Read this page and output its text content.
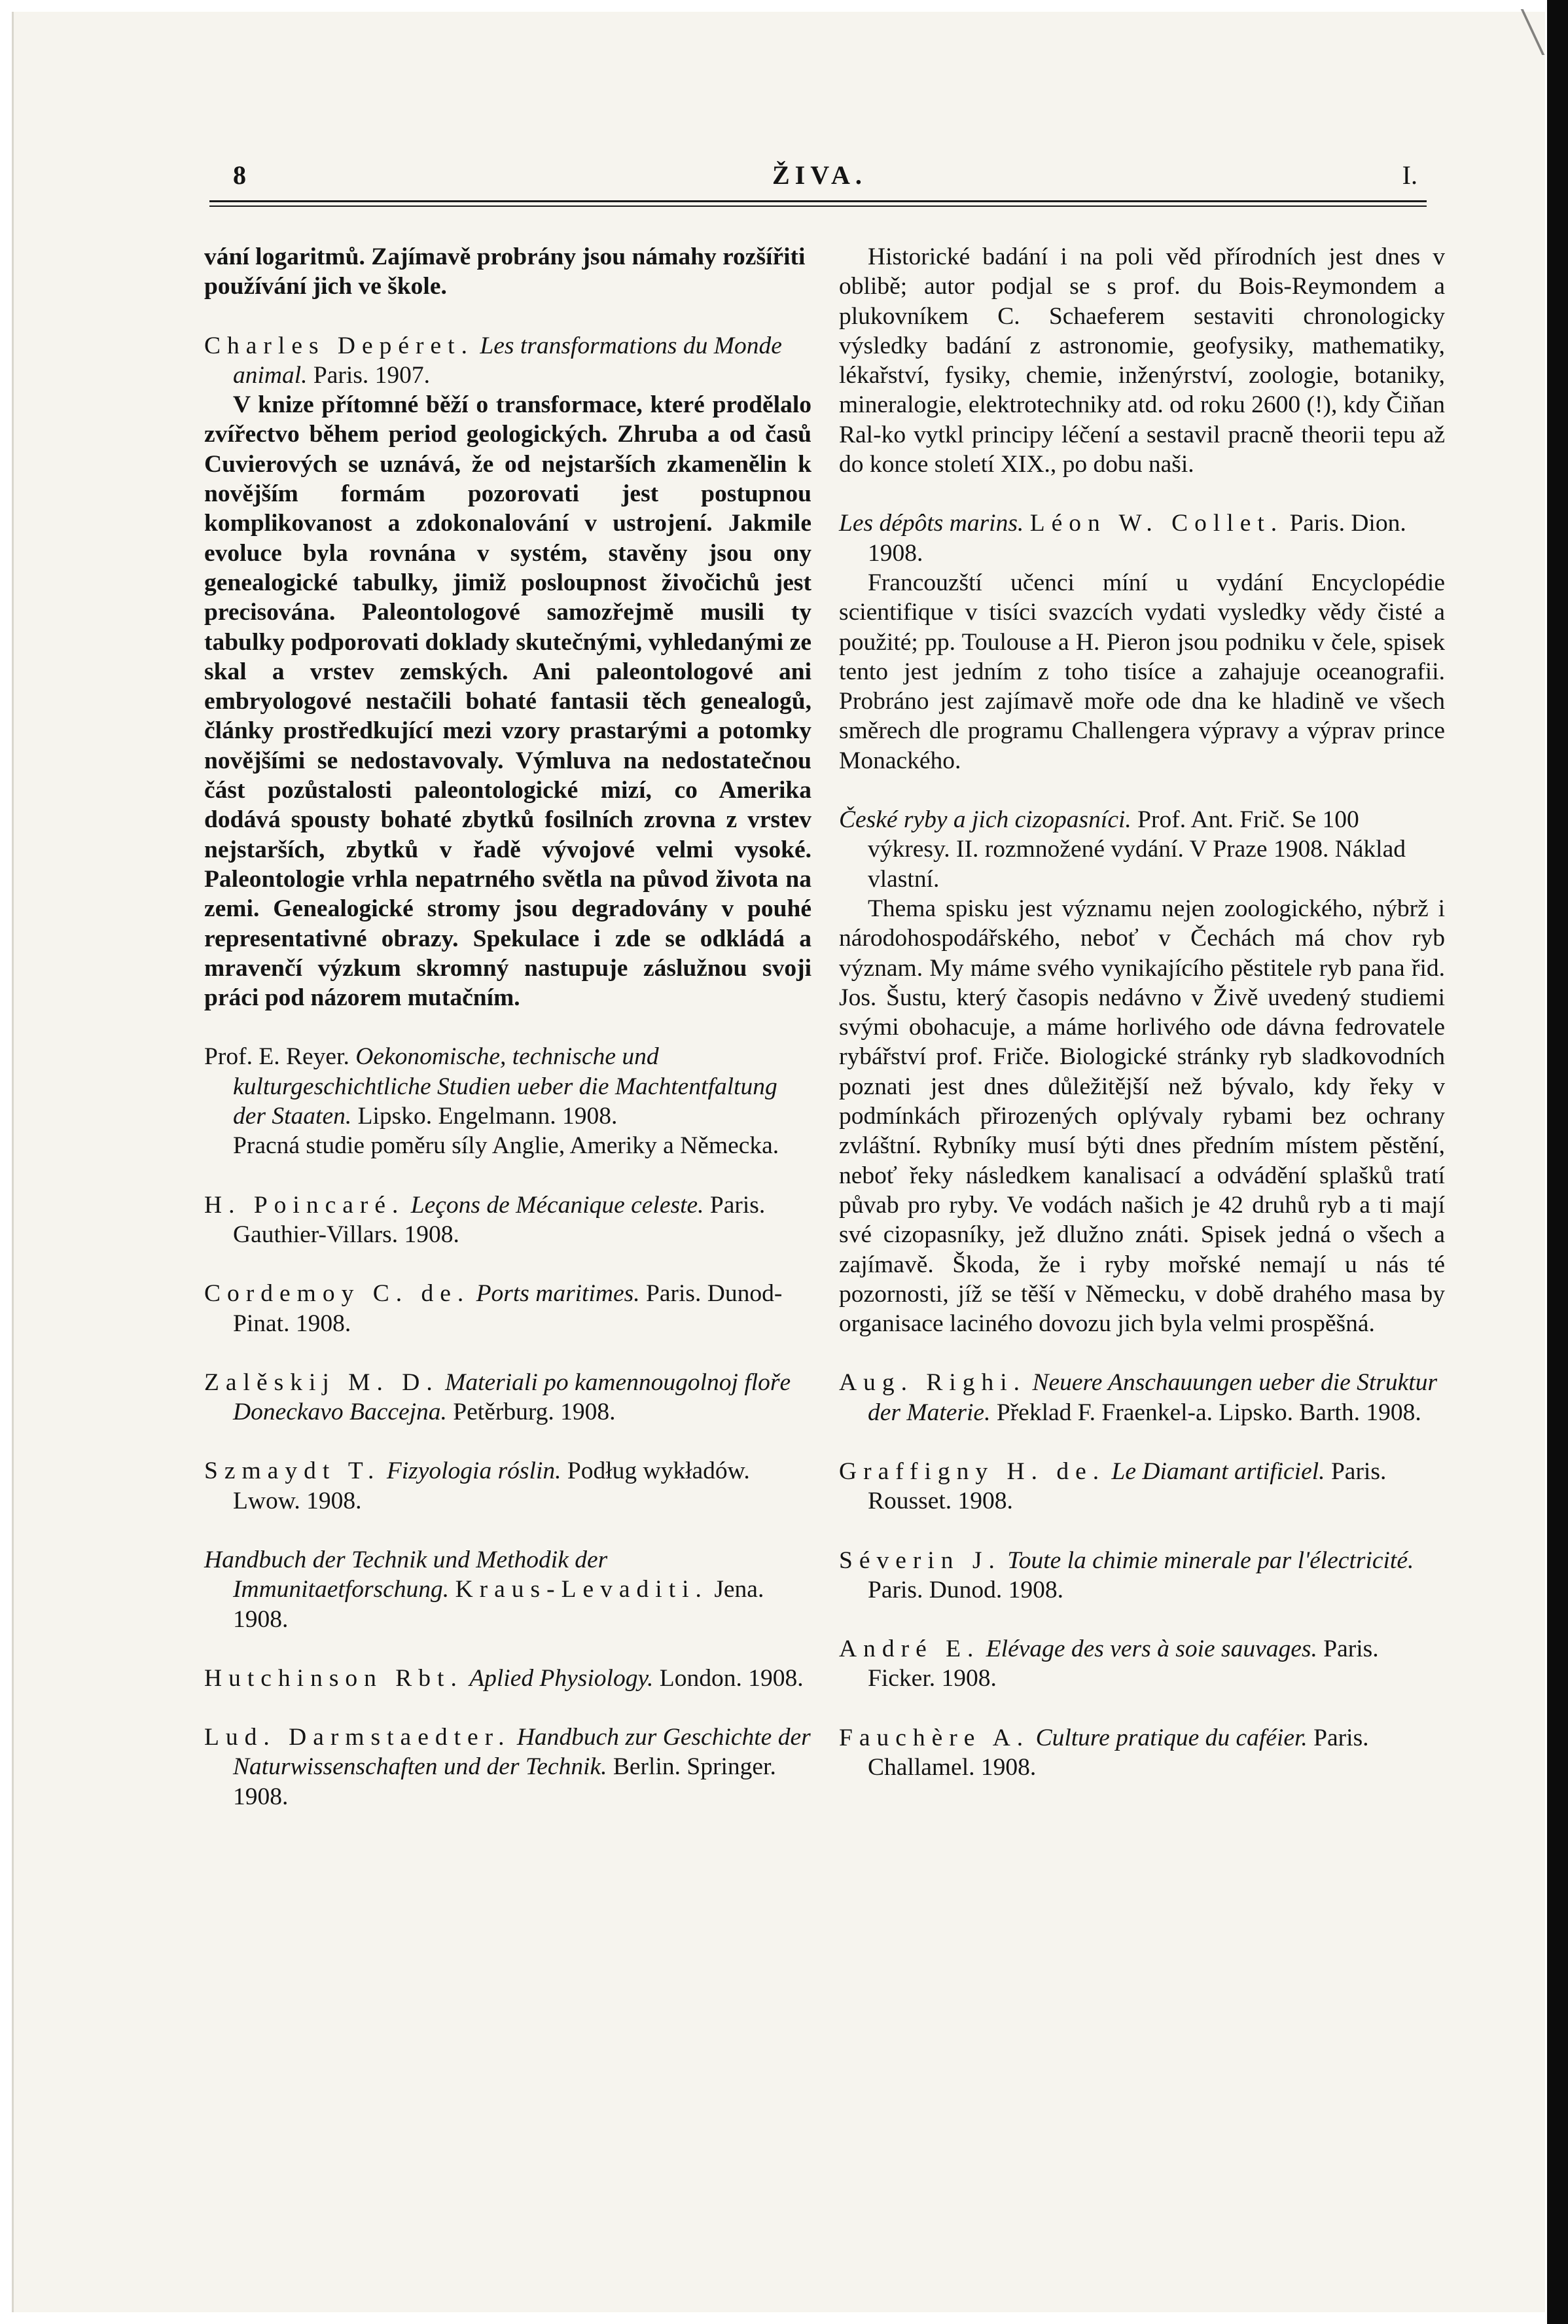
8	ŽIVA.	I.

vání logaritmů. Zajímavě probrány jsou námahy rozšířiti používání jich ve škole.

Charles Depéret. Les transformations du Monde animal. Paris. 1907.

V knize přítomné běží o transformace, které prodělalo zvířectvo během period geologických. Zhruba a od časů Cuvierových se uznává, že od nejstarších zkamenělin k novějším formám pozorovati jest postupnou komplikovanost a zdokonalování v ustrojení. Jakmile evoluce byla rovnána v systém, stavěny jsou ony genealogické tabulky, jimiž posloupnost živočichů jest precisována. Paleontologové samozřejmě musili ty tabulky podporovati doklady skutečnými, vyhledanými ze skal a vrstev zemských. Ani paleontologové ani embryologové nestačili bohaté fantasii těch genealogů, články prostředkující mezi vzory prastarými a potomky novějšími se nedostavovaly. Výmluva na nedostatečnou část pozůstalosti paleontologické mizí, co Amerika dodává spousty bohaté zbytků fosilních zrovna z vrstev nejstarších, zbytků v řadě vývojové velmi vysoké. Paleontologie vrhla nepatrného světla na původ života na zemi. Genealogické stromy jsou degradovány v pouhé representativné obrazy. Spekulace i zde se odkládá a mravenčí výzkum skromný nastupuje záslužnou svoji práci pod názorem mutačním.

Prof. E. Reyer. Oekonomische, technische und kulturgeschichtliche Studien ueber die Machtentfaltung der Staaten. Lipsko. Engelmann. 1908.

Pracná studie poměru síly Anglie, Ameriky a Německa.

H. Poincaré. Leçons de Mécanique celeste. Paris. Gauthier-Villars. 1908.

Cordemoy C. de. Ports maritimes. Paris. Dunod-Pinat. 1908.

Zalěskij M. D. Materiali po kamennougolnoj floře Doneckavo Baccejna. Petěrburg. 1908.

Szmaydt T. Fizyologia róslin. Podług wykładów. Lwow. 1908.

Handbuch der Technik und Methodik der Immunitaetforschung. Kraus-Levaditi. Jena. 1908.

Hutchinson Rbt. Aplied Physiology. London. 1908.

Lud. Darmstaedter. Handbuch zur Geschichte der Naturwissenschaften und der Technik. Berlin. Springer. 1908.

Historické badání i na poli věd přírodních jest dnes v oblibě; autor podjal se s prof. du Bois-Reymondem a plukovníkem C. Schaeferem sestaviti chronologicky výsledky badání z astronomie, geofysiky, mathematiky, lékařství, fysiky, chemie, inženýrství, zoologie, botaniky, mineralogie, elektrotechniky atd. od roku 2600 (!), kdy Čiňan Ral-ko vytkl principy léčení a sestavil pracně theorii tepu až do konce století XIX., po dobu naši.

Les dépôts marins. Léon W. Collet. Paris. Dion. 1908.

Francouzští učenci míní u vydání Encyclopédie scientifique v tisíci svazcích vydati vysledky vědy čisté a použité; pp. Toulouse a H. Pieron jsou podniku v čele, spisek tento jest jedním z toho tisíce a zahajuje oceanografii. Probráno jest zajímavě moře ode dna ke hladině ve všech směrech dle programu Challengera výpravy a výprav prince Monackého.

České ryby a jich cizopasníci. Prof. Ant. Frič. Se 100 výkresy. II. rozmnožené vydání. V Praze 1908. Náklad vlastní.

Thema spisku jest významu nejen zoologického, nýbrž i národohospodářského, neboť v Čechách má chov ryb význam. My máme svého vynikajícího pěstitele ryb pana řid. Jos. Šustu, který časopis nedávno v Živě uvedený studiemi svými obohacuje, a máme horlivého ode dávna fedrovatele rybářství prof. Friče. Biologické stránky ryb sladkovodních poznati jest dnes důležitější než bývalo, kdy řeky v podmínkách přirozených oplývaly rybami bez ochrany zvláštní. Rybníky musí býti dnes předním místem pěstění, neboť řeky následkem kanalisací a odvádění splašků tratí půvab pro ryby. Ve vodách našich je 42 druhů ryb a ti mají své cizopasníky, jež dlužno znáti. Spisek jedná o všech a zajímavě. Škoda, že i ryby mořské nemají u nás té pozornosti, jíž se těší v Německu, v době drahého masa by organisace laciného dovozu jich byla velmi prospěšná.

Aug. Righi. Neuere Anschauungen ueber die Struktur der Materie. Překlad F. Fraenkel-a. Lipsko. Barth. 1908.

Graffigny H. de. Le Diamant artificiel. Paris. Rousset. 1908.

Séverin J. Toute la chimie minerale par l'électricité. Paris. Dunod. 1908.

André E. Elévage des vers à soie sauvages. Paris. Ficker. 1908.

Fauchère A. Culture pratique du caféier. Paris. Challamel. 1908.
